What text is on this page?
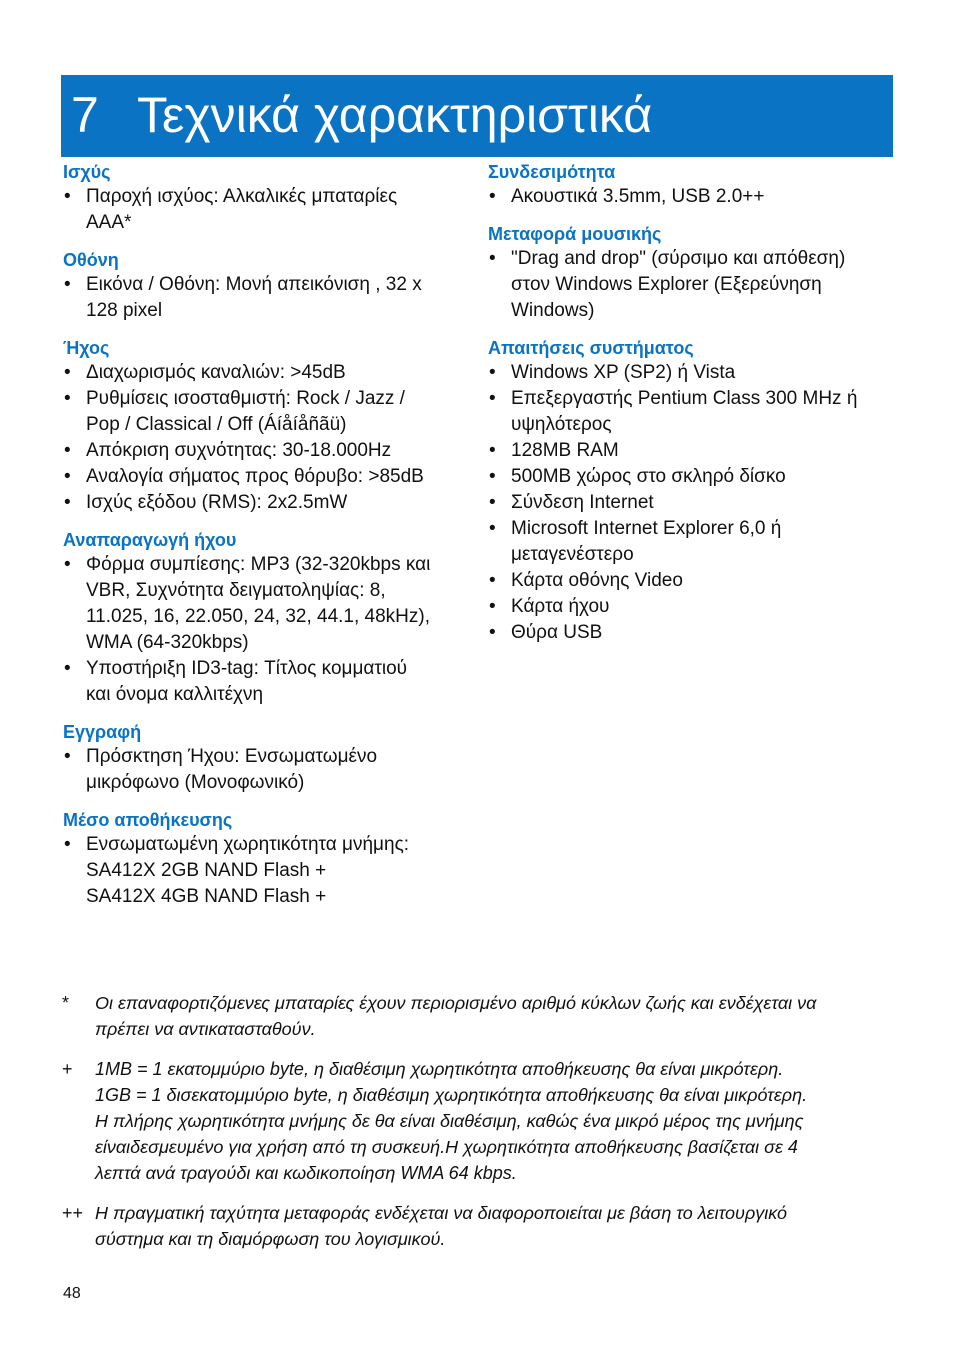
7 Τεχνικά χαρακτηριστικά
Ισχύς
• Παροχή ισχύος: Αλκαλικές μπαταρίες
AAA*
Οθόνη
• Εικόνα / Οθόνη: Μονή απεικόνιση , 32 x
128 pixel
Ήχος
• Διαχωρισμός καναλιών: >45dB
• Ρυθμίσεις ισοσταθμιστή: Rock / Jazz /
Pop / Classical / Off (Áíåíåñãü)
• Απόκριση συχνότητας: 30-18.000Hz
• Αναλογία σήματος προς θόρυβο: >85dB
• Ισχύς εξόδου (RMS): 2x2.5mW
Αναπαραγωγή ήχου
• Φόρμα συμπίεσης: MP3 (32-320kbps και
VBR, Συχνότητα δειγματοληψίας: 8,
11.025, 16, 22.050, 24, 32, 44.1, 48kHz),
WMA (64-320kbps)
• Υποστήριξη ID3-tag: Τίτλος κομματιού
και όνομα καλλιτέχνη
Εγγραφή
• Πρόσκτηση Ήχου: Ενσωματωμένο
μικρόφωνο (Μονοφωνικό)
Μέσο αποθήκευσης
• Ενσωματωμένη χωρητικότητα μνήμης:
SA412X 2GB NAND Flash +
SA412X 4GB NAND Flash +
Συνδεσιμότητα
• Ακουστικά 3.5mm, USB 2.0++
Μεταφορά μουσικής
• "Drag and drop" (σύρσιμο και απόθεση)
στον Windows Explorer (Εξερεύνηση
Windows)
Απαιτήσεις συστήματος
• Windows XP (SP2) ή Vista
• Επεξεργαστής Pentium Class 300 MHz ή
υψηλότερος
• 128MB RAM
• 500MB χώρος στο σκληρό δίσκο
• Σύνδεση Internet
• Microsoft Internet Explorer 6,0 ή
μεταγενέστερο
• Κάρτα οθόνης Video
• Κάρτα ήχου
• Θύρα USB
* Οι επαναφορτιζόμενες μπαταρίες έχουν περιορισμένο αριθμό κύκλων ζωής και ενδέχεται να
πρέπει να αντικατασταθούν.
+ 1MB = 1 εκατομμύριο byte, η διαθέσιμη χωρητικότητα αποθήκευσης θα είναι μικρότερη.
1GB = 1 δισεκατομμύριο byte, η διαθέσιμη χωρητικότητα αποθήκευσης θα είναι μικρότερη.
Η πλήρης χωρητικότητα μνήμης δε θα είναι διαθέσιμη, καθώς ένα μικρό μέρος της μνήμης
είναιδεσμευμένο για χρήση από τη συσκευή.Η χωρητικότητα αποθήκευσης βασίζεται σε 4
λεπτά ανά τραγούδι και κωδικοποίηση WMA 64 kbps.
++ Η πραγματική ταχύτητα μεταφοράς ενδέχεται να διαφοροποιείται με βάση το λειτουργικό
σύστημα και τη διαμόρφωση του λογισμικού.
48
